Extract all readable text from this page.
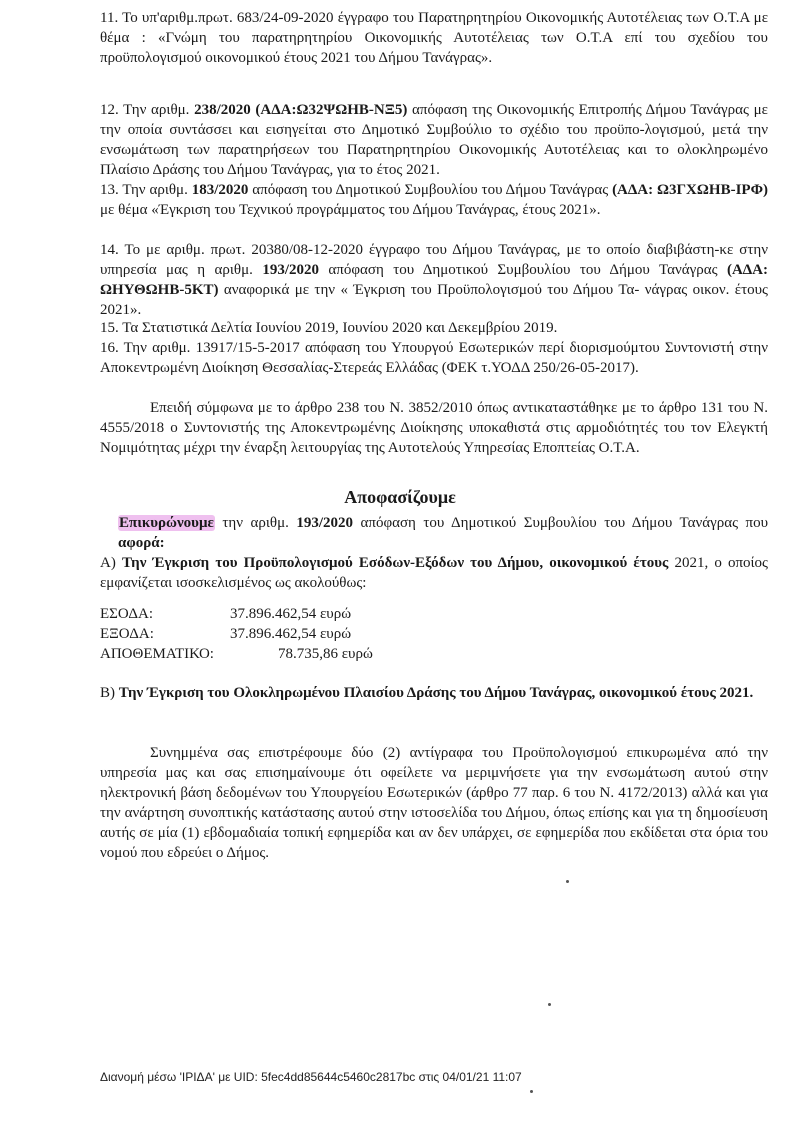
11. Το υπ'αριθμ.πρωτ. 683/24-09-2020 έγγραφο του Παρατηρητηρίου Οικονομικής Αυτοτέλειας των Ο.Τ.Α με θέμα : «Γνώμη του παρατηρητηρίου Οικονομικής Αυτοτέλειας των Ο.Τ.Α επί του σχεδίου του προϋπολογισμού οικονομικού έτους 2021 του Δήμου Τανάγρας».
12. Την αριθμ. 238/2020 (ΑΔΑ:Ω32ΨΩΗΒ-ΝΞ5) απόφαση της Οικονομικής Επιτροπής Δήμου Τανάγρας με την οποία συντάσσει και εισηγείται στο Δημοτικό Συμβούλιο το σχέδιο του προϋπο-λογισμού, μετά την ενσωμάτωση των παρατηρήσεων του Παρατηρητηρίου Οικονομικής Αυτοτέλειας και το ολοκληρωμένο Πλαίσιο Δράσης του Δήμου Τανάγρας, για το έτος 2021.
13. Την αριθμ. 183/2020 απόφαση του Δημοτικού Συμβουλίου του Δήμου Τανάγρας (ΑΔΑ: Ω3ΓΧΩΗΒ-ΙΡΦ) με θέμα «Έγκριση του Τεχνικού προγράμματος του Δήμου Τανάγρας, έτους 2021».
14. Το με αριθμ. πρωτ. 20380/08-12-2020 έγγραφο του Δήμου Τανάγρας, με το οποίο διαβιβάστη-κε στην υπηρεσία μας η αριθμ. 193/2020 απόφαση του Δημοτικού Συμβουλίου του Δήμου Τανάγρας (ΑΔΑ: ΩΗΥΘΩΗΒ-5ΚΤ) αναφορικά με την « Έγκριση του Προϋπολογισμού του Δήμου Τα- νάγρας οικον. έτους 2021».
15. Τα Στατιστικά Δελτία Ιουνίου 2019, Ιουνίου 2020 και Δεκεμβρίου 2019.
16. Την αριθμ. 13917/15-5-2017 απόφαση του Υπουργού Εσωτερικών περί διορισμούμτου Συντονιστή στην Αποκεντρωμένη Διοίκηση Θεσσαλίας-Στερεάς Ελλάδας (ΦΕΚ τ.ΥΟΔΔ 250/26-05-2017).
Επειδή σύμφωνα με το άρθρο 238 του Ν. 3852/2010 όπως αντικαταστάθηκε με το άρθρο 131 του Ν. 4555/2018 ο Συντονιστής της Αποκεντρωμένης Διοίκησης υποκαθιστά στις αρμοδιότητές του τον Ελεγκτή Νομιμότητας μέχρι την έναρξη λειτουργίας της Αυτοτελούς Υπηρεσίας Εποπτείας Ο.Τ.Α.
Αποφασίζουμε
Επικυρώνουμε την αριθμ. 193/2020 απόφαση του Δημοτικού Συμβουλίου του Δήμου Τανάγρας που αφορά:
Α) Την Έγκριση του Προϋπολογισμού Εσόδων-Εξόδων του Δήμου, οικονομικού έτους 2021, ο οποίος εμφανίζεται ισοσκελισμένος ως ακολούθως:
ΕΣΟΔΑ:	37.896.462,54 ευρώ
ΕΞΟΔΑ:	37.896.462,54 ευρώ
ΑΠΟΘΕΜΑΤΙΚΟ:	78.735,86 ευρώ
Β) Την Έγκριση του Ολοκληρωμένου Πλαισίου Δράσης του Δήμου Τανάγρας, οικονομικού έτους 2021.
Συνημμένα σας επιστρέφουμε δύο (2) αντίγραφα του Προϋπολογισμού επικυρωμένα από την υπηρεσία μας και σας επισημαίνουμε ότι οφείλετε να μεριμνήσετε για την ενσωμάτωση αυτού στην ηλεκτρονική βάση δεδομένων του Υπουργείου Εσωτερικών (άρθρο 77 παρ. 6 του Ν. 4172/2013) αλλά και για την ανάρτηση συνοπτικής κατάστασης αυτού στην ιστοσελίδα του Δήμου, όπως επίσης και για τη δημοσίευση αυτής σε μία (1) εβδομαδιαία τοπική εφημερίδα και αν δεν υπάρχει, σε εφημερίδα που εκδίδεται στα όρια του νομού που εδρεύει ο Δήμος.
Διανομή μέσω 'ΙΡΙΔΑ' με UID: 5fec4dd85644c5460c2817bc στις 04/01/21 11:07
